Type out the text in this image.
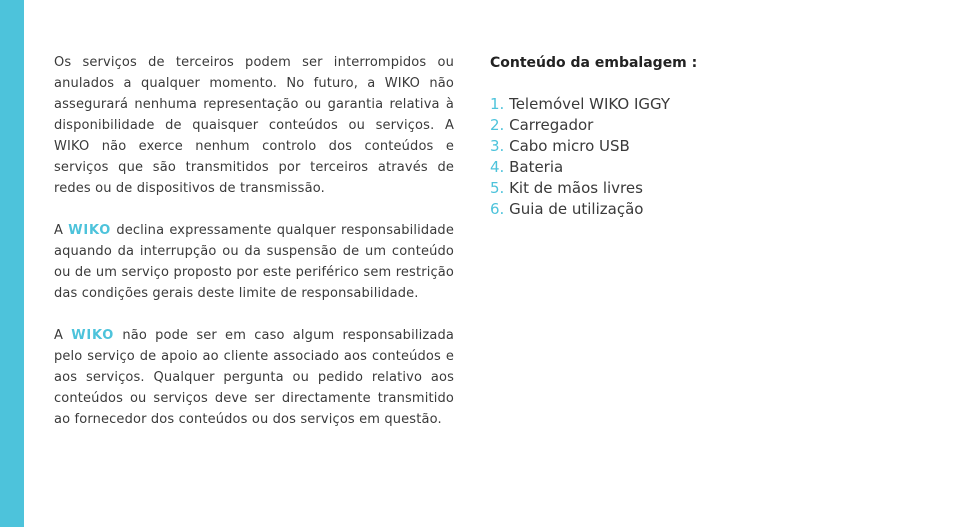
Os serviços de terceiros podem ser interrompidos ou anulados a qualquer momento. No futuro, a WIKO não assegurará nenhuma representação ou garantia relativa à disponibilidade de quaisquer conteúdos ou serviços. A WIKO não exerce nenhum controlo dos conteúdos e serviços que são transmitidos por terceiros através de redes ou de dispositivos de transmissão.

A WIKO declina expressamente qualquer responsabilidade aquando da interrupção ou da suspensão de um conteúdo ou de um serviço proposto por este periférico sem restrição das condições gerais deste limite de responsabilidade.

A WIKO não pode ser em caso algum responsabilizada pelo serviço de apoio ao cliente associado aos conteúdos e aos serviços. Qualquer pergunta ou pedido relativo aos conteúdos ou serviços deve ser directamente transmitido ao fornecedor dos conteúdos ou dos serviços em questão.

Conteúdo da embalagem :
1. Telemóvel WIKO IGGY
2. Carregador
3. Cabo micro USB
4. Bateria
5. Kit de mãos livres
6. Guia de utilização
